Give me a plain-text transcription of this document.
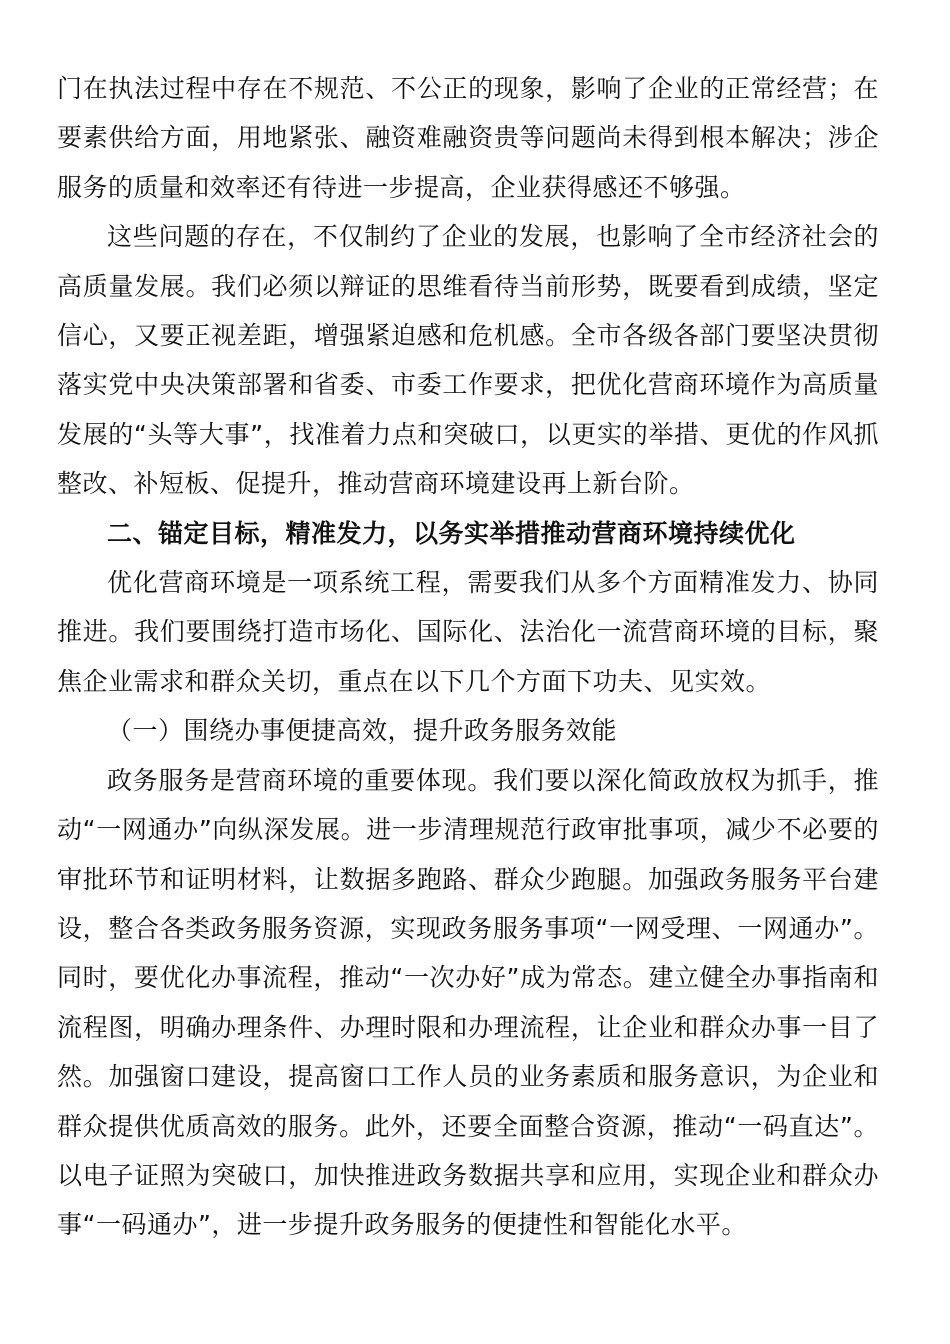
门在执法过程中存在不规范、不公正的现象，影响了企业的正常经营；在要素供给方面，用地紧张、融资难融资贵等问题尚未得到根本解决；涉企服务的质量和效率还有待进一步提高，企业获得感还不够强。

这些问题的存在，不仅制约了企业的发展，也影响了全市经济社会的高质量发展。我们必须以辩证的思维看待当前形势，既要看到成绩，坚定信心，又要正视差距，增强紧迫感和危机感。全市各级各部门要坚决贯彻落实党中央决策部署和省委、市委工作要求，把优化营商环境作为高质量发展的“头等大事”，找准着力点和突破口，以更实的举措、更优的作风抓整改、补短板、促提升，推动营商环境建设再上新台阶。

二、锚定目标，精准发力，以务实举措推动营商环境持续优化

优化营商环境是一项系统工程，需要我们从多个方面精准发力、协同推进。我们要围绕打造市场化、国际化、法治化一流营商环境的目标，聚焦企业需求和群众关切，重点在以下几个方面下功夫、见实效。

（一）围绕办事便捷高效，提升政务服务效能

政务服务是营商环境的重要体现。我们要以深化简政放权为抓手，推动“一网通办”向纵深发展。进一步清理规范行政审批事项，减少不必要的审批环节和证明材料，让数据多跑路、群众少跑腿。加强政务服务平台建设，整合各类政务服务资源，实现政务服务事项“一网受理、一网通办”。同时，要优化办事流程，推动“一次办好”成为常态。建立健全办事指南和流程图，明确办理条件、办理时限和办理流程，让企业和群众办事一目了然。加强窗口建设，提高窗口工作人员的业务素质和服务意识，为企业和群众提供优质高效的服务。此外，还要全面整合资源，推动“一码直达”。以电子证照为突破口，加快推进政务数据共享和应用，实现企业和群众办事“一码通办”，进一步提升政务服务的便捷性和智能化水平。
